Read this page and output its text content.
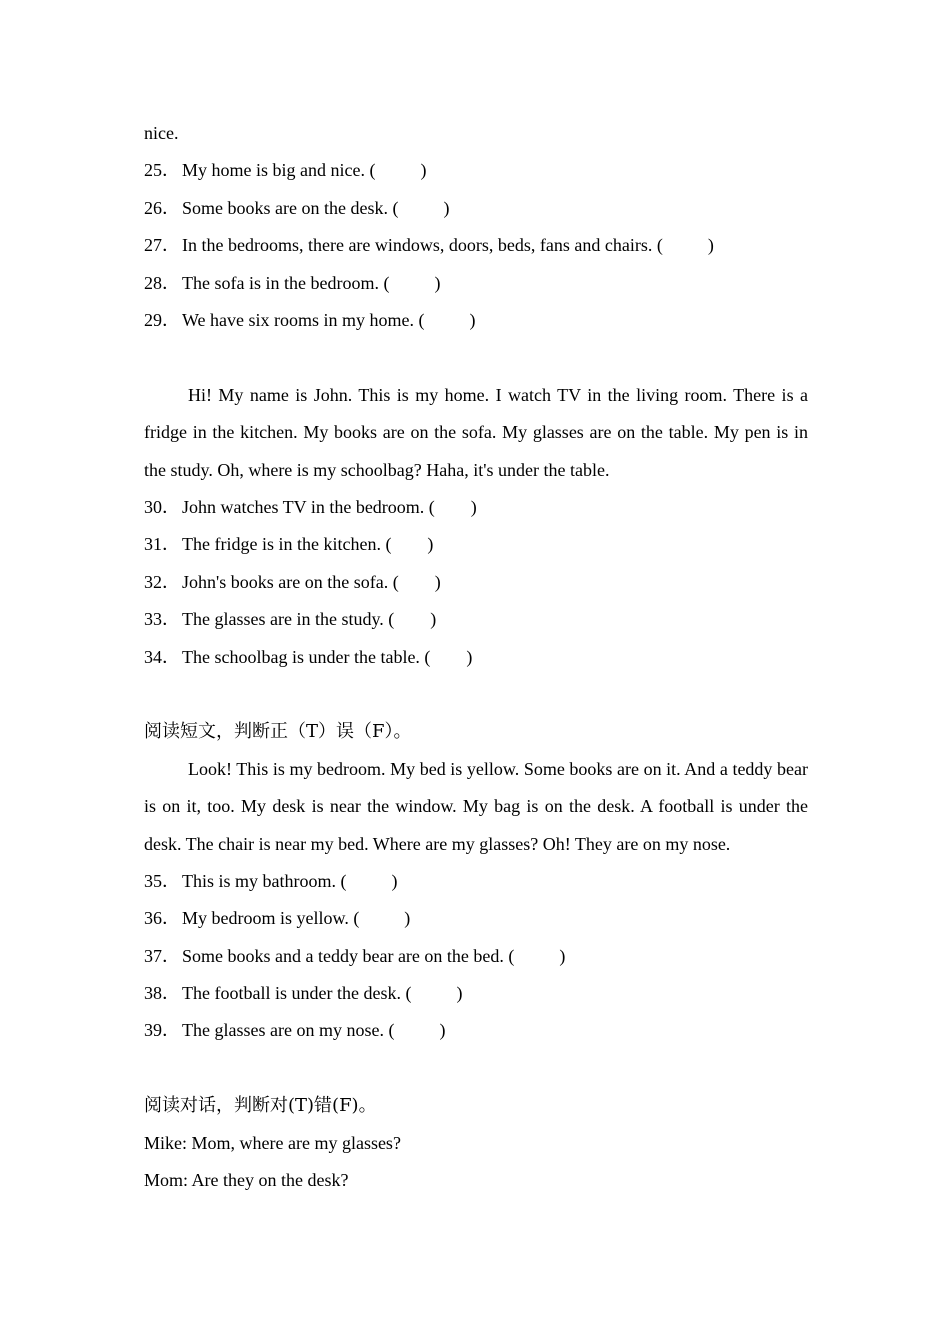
nice.
25． My home is big and nice. (          )
26． Some books are on the desk. (          )
27． In the bedrooms, there are windows, doors, beds, fans and chairs. (          )
28． The sofa is in the bedroom. (          )
29． We have six rooms in my home. (          )
Hi! My name is John. This is my home. I watch TV in the living room. There is a fridge in the kitchen. My books are on the sofa. My glasses are on the table. My pen is in the study. Oh, where is my schoolbag? Haha, it's under the table.
30． John watches TV in the bedroom. (        )
31． The fridge is in the kitchen. (        )
32． John's books are on the sofa. (        )
33． The glasses are in the study. (        )
34． The schoolbag is under the table. (        )
阅读短文，判断正（T）误（F）。
Look! This is my bedroom. My bed is yellow. Some books are on it. And a teddy bear is on it, too. My desk is near the window. My bag is on the desk. A football is under the desk. The chair is near my bed. Where are my glasses? Oh! They are on my nose.
35． This is my bathroom. (          )
36． My bedroom is yellow. (          )
37． Some books and a teddy bear are on the bed. (          )
38． The football is under the desk. (          )
39． The glasses are on my nose. (          )
阅读对话，判断对(T)错(F)。
Mike: Mom, where are my glasses?
Mom: Are they on the desk?
